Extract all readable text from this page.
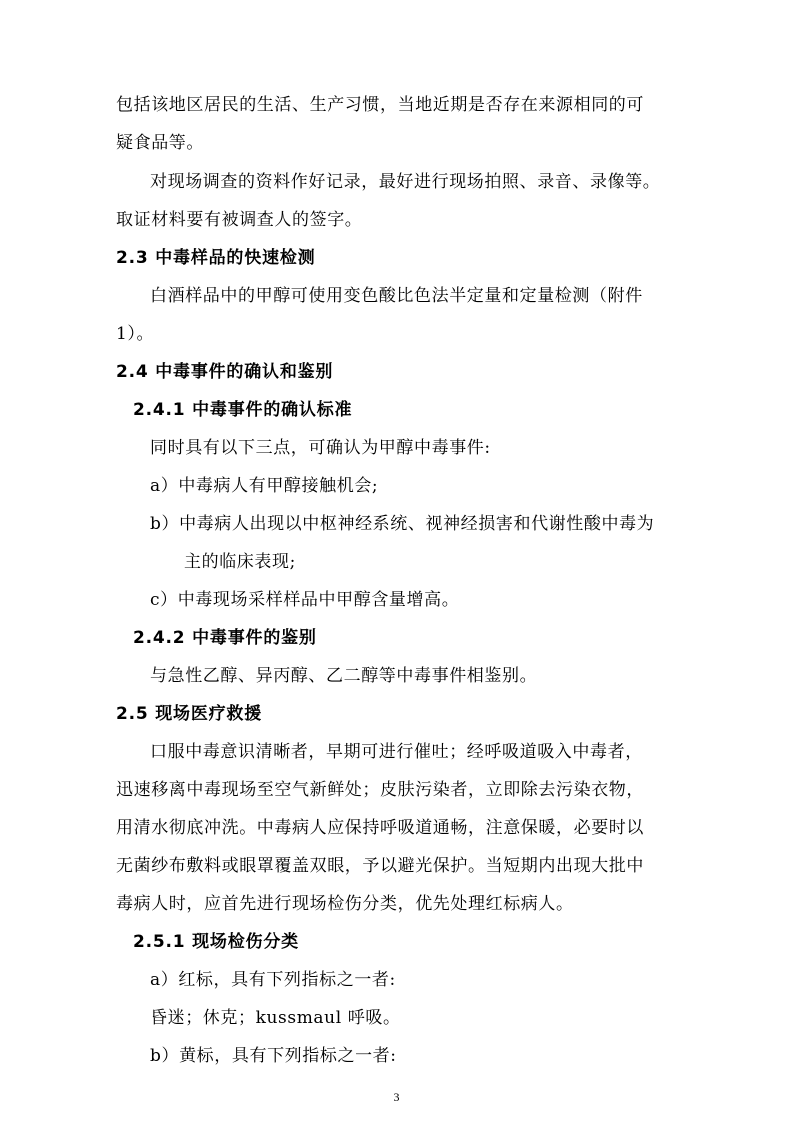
包括该地区居民的生活、生产习惯，当地近期是否存在来源相同的可
疑食品等。
对现场调查的资料作好记录，最好进行现场拍照、录音、录像等。
取证材料要有被调查人的签字。
2.3 中毒样品的快速检测
白酒样品中的甲醇可使用变色酸比色法半定量和定量检测（附件
1）。
2.4 中毒事件的确认和鉴别
2.4.1 中毒事件的确认标准
同时具有以下三点，可确认为甲醇中毒事件:
a）中毒病人有甲醇接触机会;
b）中毒病人出现以中枢神经系统、视神经损害和代谢性酸中毒为
主的临床表现;
c）中毒现场采样样品中甲醇含量增高。
2.4.2 中毒事件的鉴别
与急性乙醇、异丙醇、乙二醇等中毒事件相鉴别。
2.5 现场医疗救援
口服中毒意识清晰者，早期可进行催吐；经呼吸道吸入中毒者，
迅速移离中毒现场至空气新鲜处；皮肤污染者，立即除去污染衣物，
用清水彻底冲洗。中毒病人应保持呼吸道通畅，注意保暖，必要时以
无菌纱布敷料或眼罩覆盖双眼，予以避光保护。当短期内出现大批中
毒病人时，应首先进行现场检伤分类，优先处理红标病人。
2.5.1 现场检伤分类
a）红标，具有下列指标之一者:
昏迷；休克；kussmaul 呼吸。
b）黄标，具有下列指标之一者:
3
